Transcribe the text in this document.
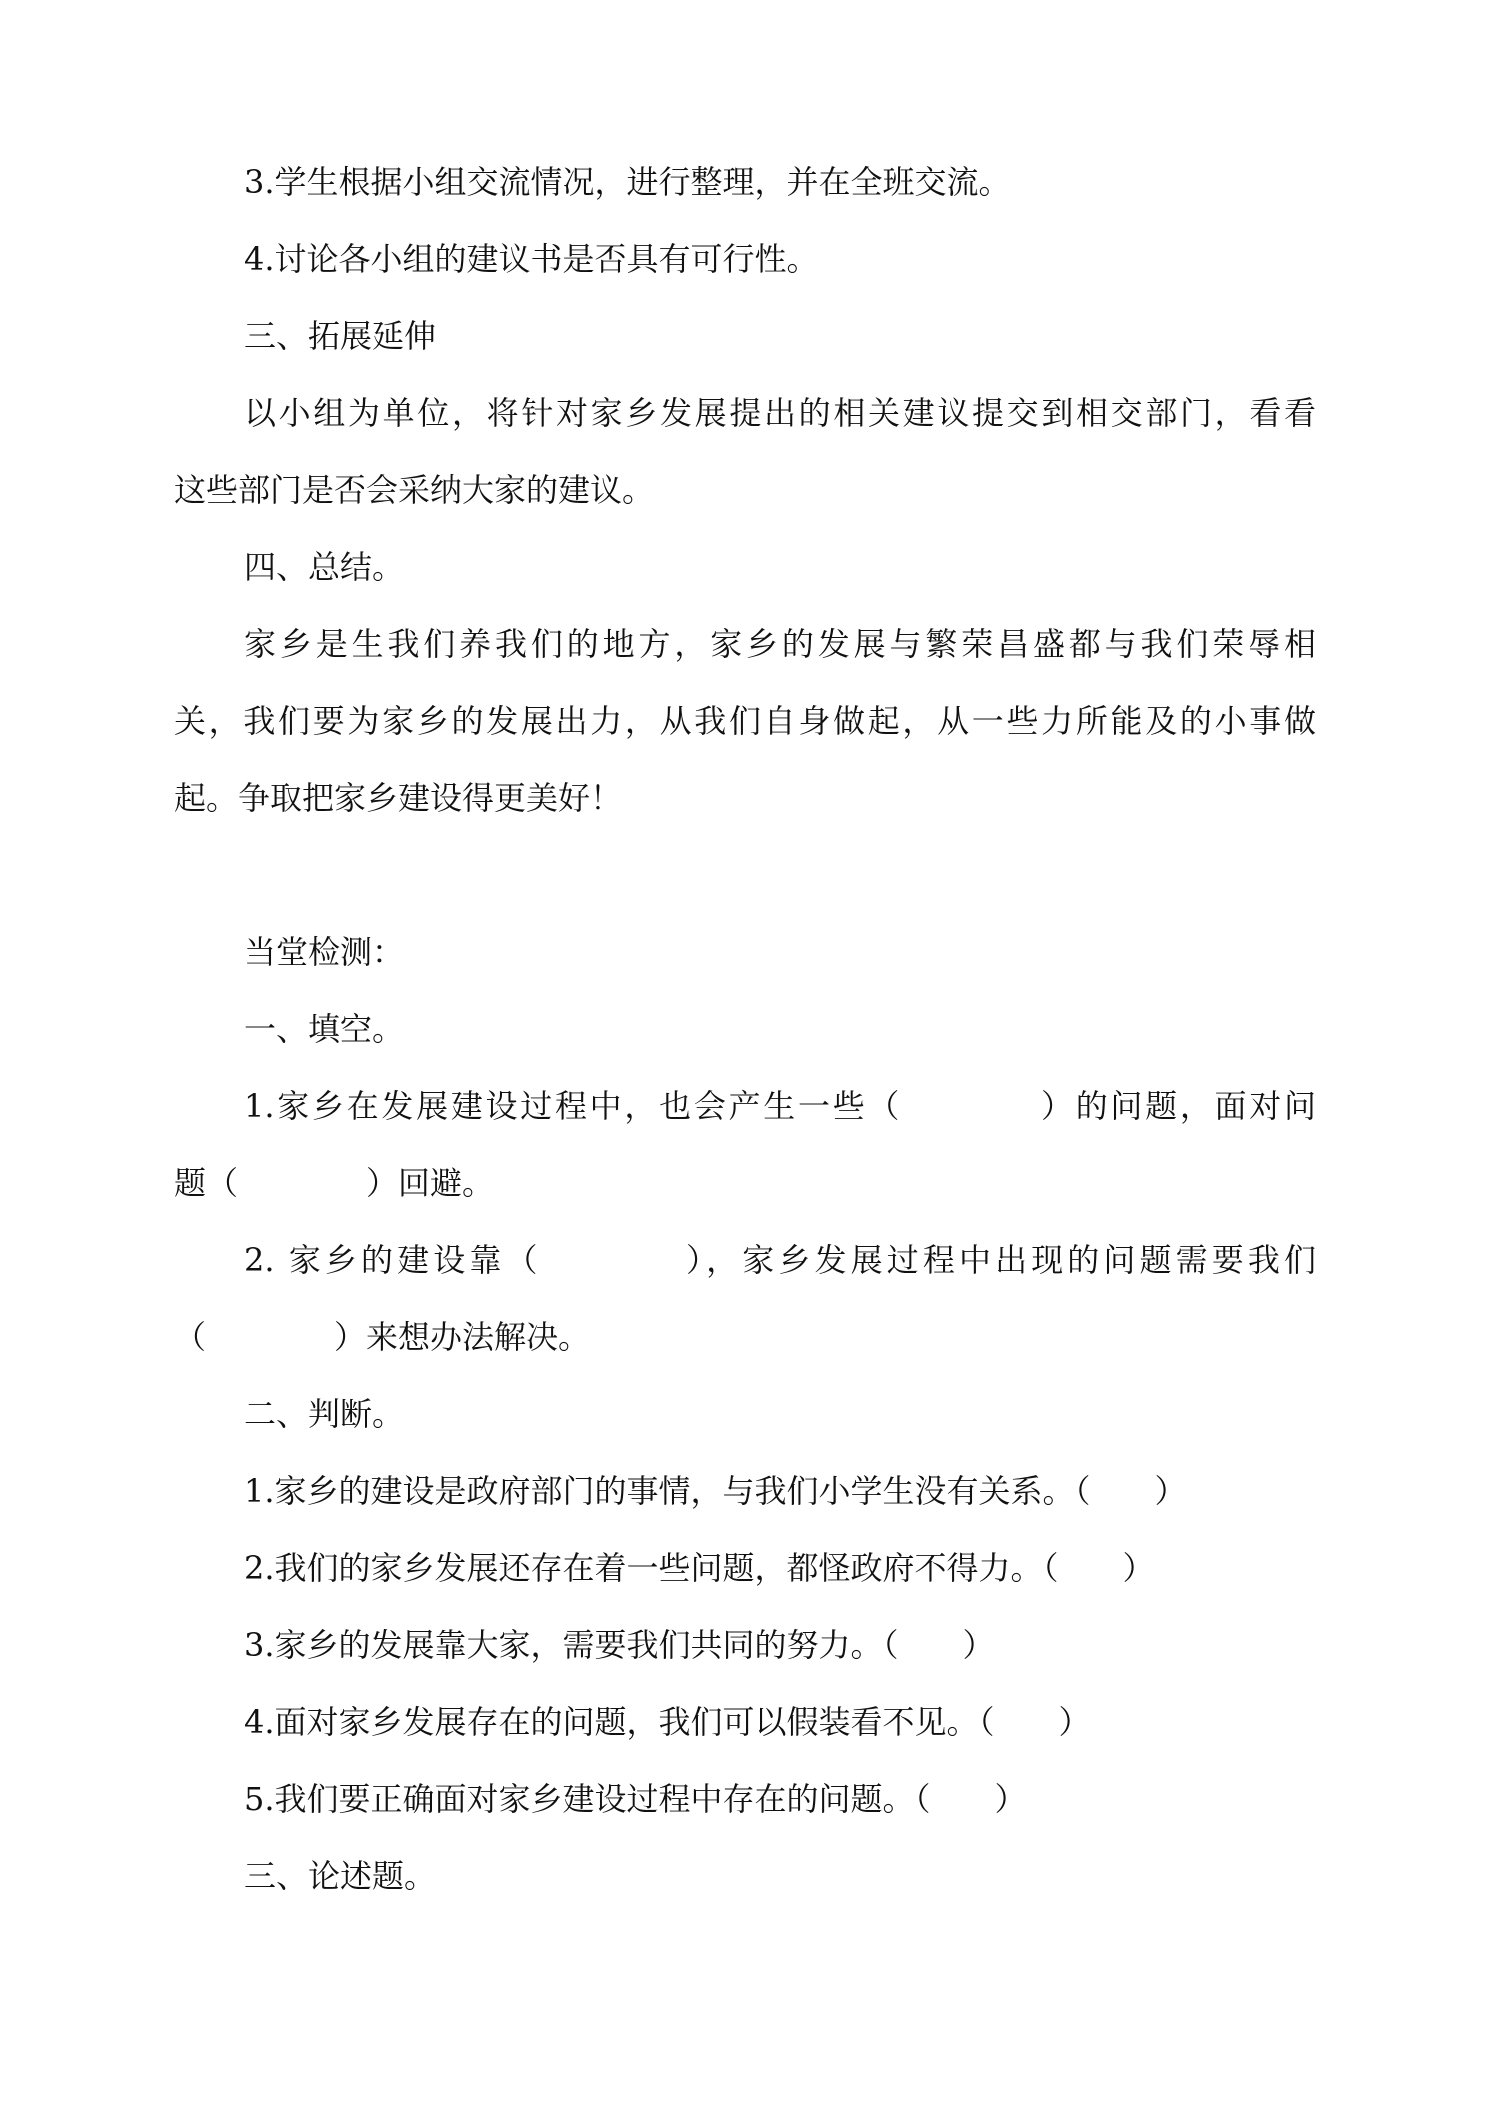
3.学生根据小组交流情况，进行整理，并在全班交流。
4.讨论各小组的建议书是否具有可行性。
三、拓展延伸
以小组为单位，将针对家乡发展提出的相关建议提交到相交部门，看看
这些部门是否会采纳大家的建议。
四、总结。
家乡是生我们养我们的地方，家乡的发展与繁荣昌盛都与我们荣辱相
关，我们要为家乡的发展出力，从我们自身做起，从一些力所能及的小事做
起。争取把家乡建设得更美好！
当堂检测：
一、填空。
1.家乡在发展建设过程中，也会产生一些（　　　　）的问题，面对问
题（　　　　）回避。
2. 家乡的建设靠（　　　　），家乡发展过程中出现的问题需要我们
（　　　　）来想办法解决。
二、判断。
1.家乡的建设是政府部门的事情，与我们小学生没有关系。（　　）
2.我们的家乡发展还存在着一些问题，都怪政府不得力。（　　）
3.家乡的发展靠大家，需要我们共同的努力。（　　）
4.面对家乡发展存在的问题，我们可以假装看不见。（　　）
5.我们要正确面对家乡建设过程中存在的问题。（　　）
三、论述题。
